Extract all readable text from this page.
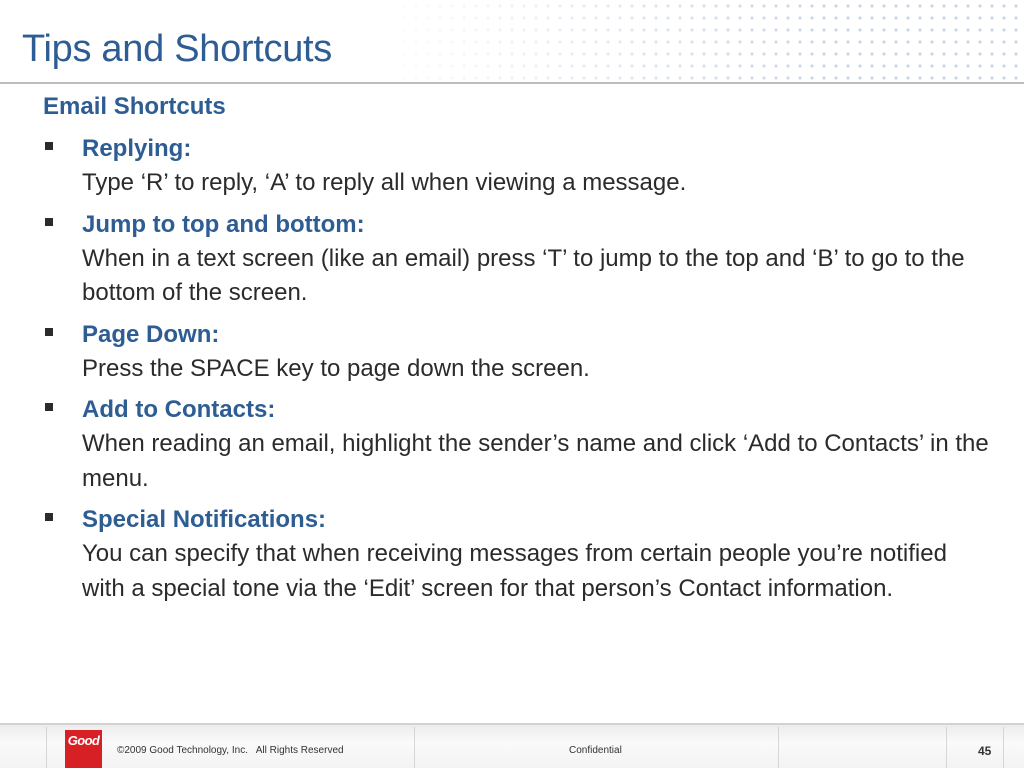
Tips and Shortcuts
Email Shortcuts
Replying:
Type ‘R’ to reply, ‘A’ to reply all when viewing a message.
Jump to top and bottom:
When in a text screen (like an email) press ‘T’ to jump to the top and ‘B’ to go to the bottom of the screen.
Page Down:
Press the SPACE key to page down the screen.
Add to Contacts:
When reading an email, highlight the sender’s name and click ‘Add to Contacts’ in the menu.
Special Notifications:
You can specify that when receiving messages from certain people you’re notified with a special tone via the ‘Edit’ screen for that person’s Contact information.
Good
©2009 Good Technology, Inc.   All Rights Reserved	Confidential	45
